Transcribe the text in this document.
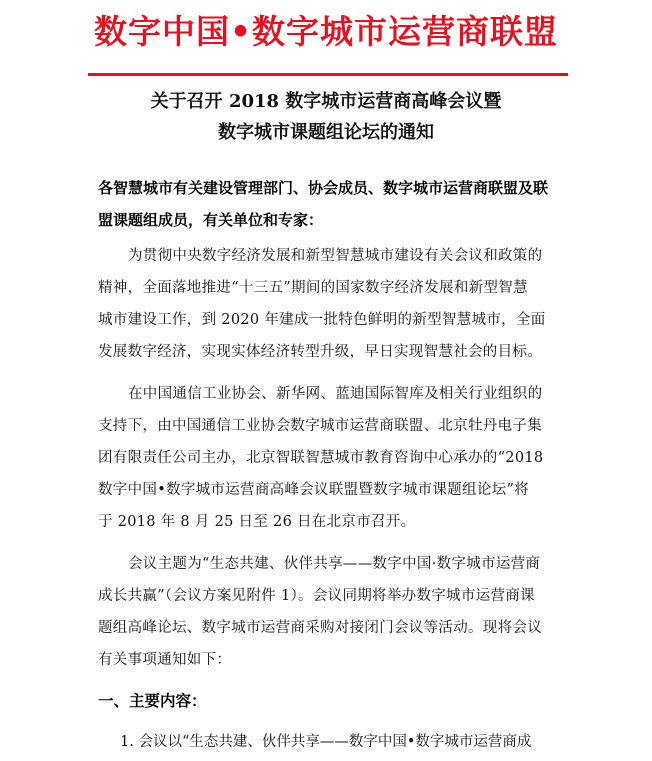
数字中国•数字城市运营商联盟
关于召开 2018 数字城市运营商高峰会议暨
数字城市课题组论坛的通知
各智慧城市有关建设管理部门、协会成员、数字城市运营商联盟及联
盟课题组成员，有关单位和专家：
为贯彻中央数字经济发展和新型智慧城市建设有关会议和政策的
精神，全面落地推进“十三五”期间的国家数字经济发展和新型智慧
城市建设工作，到 2020 年建成一批特色鲜明的新型智慧城市，全面
发展数字经济，实现实体经济转型升级，早日实现智慧社会的目标。
在中国通信工业协会、新华网、蓝迪国际智库及相关行业组织的
支持下，由中国通信工业协会数字城市运营商联盟、北京牡丹电子集
团有限责任公司主办，北京智联智慧城市教育咨询中心承办的“2018
数字中国•数字城市运营商高峰会议联盟暨数字城市课题组论坛”将
于 2018 年 8 月 25 日至 26 日在北京市召开。
会议主题为“生态共建、伙伴共享——数字中国·数字城市运营商
成长共赢”（会议方案见附件 1）。会议同期将举办数字城市运营商课
题组高峰论坛、数字城市运营商采购对接闭门会议等活动。现将会议
有关事项通知如下：
一、主要内容：
1. 会议以“生态共建、伙伴共享——数字中国•数字城市运营商成
